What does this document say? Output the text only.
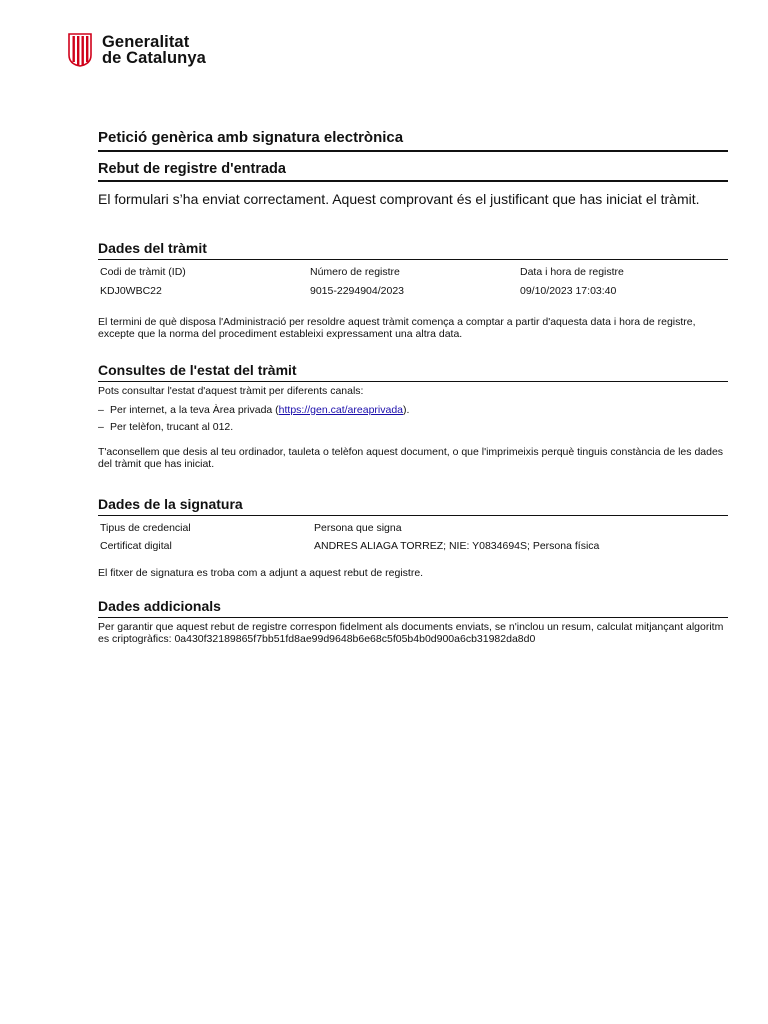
Generalitat
de Catalunya
Petició genèrica amb signatura electrònica
Rebut de registre d'entrada
El formulari s’ha enviat correctament. Aquest comprovant és el justificant que has iniciat el tràmit.
Dades del tràmit
Codi de tràmit (ID)
KDJ0WBC22
Número de registre
9015-2294904/2023
Data i hora de registre
09/10/2023 17:03:40
El termini de què disposa l'Administració per resoldre aquest tràmit comença a comptar a partir d'aquesta data i hora de registre, excepte que la norma del procediment estableixi expressament una altra data.
Consultes de l'estat del tràmit
Pots consultar l'estat d'aquest tràmit per diferents canals:
– Per internet, a la teva Àrea privada (https://gen.cat/areaprivada).
– Per telèfon, trucant al 012.
T'aconsellem que desis al teu ordinador, tauleta o telèfon aquest document, o que l'imprimeixis perquè tinguis constància de les dades del tràmit que has iniciat.
Dades de la signatura
Tipus de credencial
Certificat digital
Persona que signa
ANDRES ALIAGA TORREZ; NIE: Y0834694S; Persona física
El fitxer de signatura es troba com a adjunt a aquest rebut de registre.
Dades addicionals
Per garantir que aquest rebut de registre correspon fidelment als documents enviats, se n'inclou un resum, calculat mitjançant algoritmes criptogràfics: 0a430f32189865f7bb51fd8ae99d9648b6e68c5f05b4b0d900a6cb31982da8d0
